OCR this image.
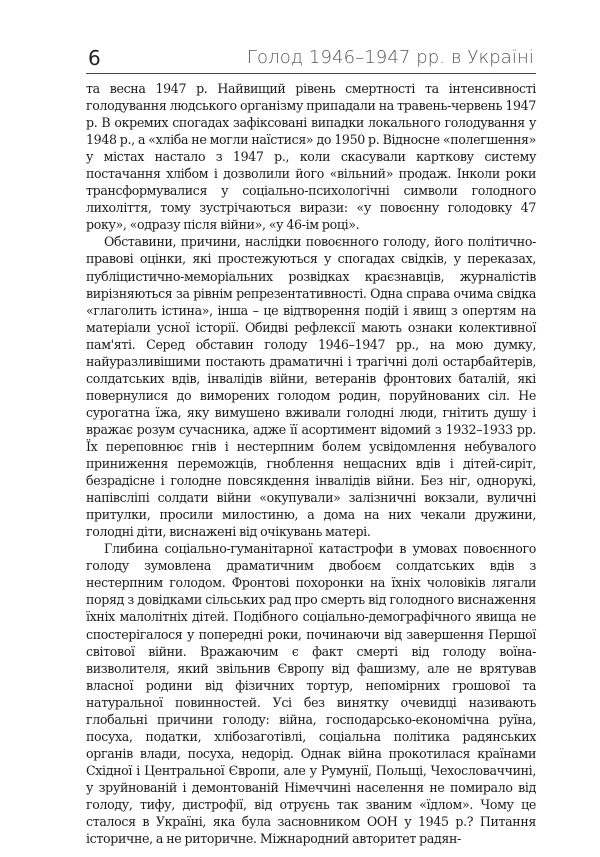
6	Голод 1946–1947 рр. в Україні

та весна 1947 р. Найвищий рівень смертності та інтенсивності голодування людського організму припадали на травень-червень 1947 р. В окремих спогадах зафіксовані випадки локального голодування у 1948 р., а «хліба не могли наїстися» до 1950 р. Відносне «полегшення» у містах настало з 1947 р., коли скасували карткову систему постачання хлібом і дозволили його «вільний» продаж. Інколи роки трансформувалися у соціально-психологічні символи голодного лихоліття, тому зустрічаються вирази: «у повоєнну голодовку 47 року», «одразу після війни», «у 46-ім році».

Обставини, причини, наслідки повоєнного голоду, його політично-правові оцінки, які простежуються у спогадах свідків, у переказах, публіцистично-меморіальних розвідках краєзнавців, журналістів вирізняються за рівнім репрезентативності. Одна справа очима свідка «глаголить істина», інша – це відтворення подій і явищ з опертям на матеріали усної історії. Обидві рефлексії мають ознаки колективної пам'яті. Серед обставин голоду 1946–1947 рр., на мою думку, найуразливішими постають драматичні і трагічні долі остарбайтерів, солдатських вдів, інвалідів війни, ветеранів фронтових баталій, які повернулися до виморених голодом родин, поруйнованих сіл. Не сурогатна їжа, яку вимушено вживали голодні люди, гнітить душу і вражає розум сучасника, адже її асортимент відомий з 1932–1933 рр. Їх переповнює гнів і нестерпним болем усвідомлення небувалого приниження переможців, гноблення нещасних вдів і дітей-сиріт, безрадісне і голодне повсякдення інвалідів війни. Без ніг, однорукі, напівсліпі солдати війни «окупували» залізничні вокзали, вуличні притулки, просили милостиню, а дома на них чекали дружини, голодні діти, виснажені від очікувань матері.

Глибина соціально-гуманітарної катастрофи в умовах повоєнного голоду зумовлена драматичним двобоєм солдатських вдів з нестерпним голодом. Фронтові похоронки на їхніх чоловіків лягали поряд з довідками сільських рад про смерть від голодного виснаження їхніх малолітніх дітей. Подібного соціально-демографічного явища не спостерігалося у попередні роки, починаючи від завершення Першої світової війни. Вражаючим є факт смерті від голоду воїна-визволителя, який звільнив Європу від фашизму, але не врятував власної родини від фізичних тортур, непомірних грошової та натуральної повинностей. Усі без винятку очевидці називають глобальні причини голоду: війна, господарсько-економічна руїна, посуха, податки, хлібозаготівлі, соціальна політика радянських органів влади, посуха, недорід. Однак війна прокотилася країнами Східної і Центральної Європи, але у Румунії, Польщі, Чехословаччині, у зруйнованій і демонтованій Німеччині населення не помирало від голоду, тифу, дистрофії, від отруєнь так званим «їдлом». Чому це сталося в Україні, яка була засновником ООН у 1945 р.? Питання історичне, а не риторичне. Міжнародний авторитет радян-
